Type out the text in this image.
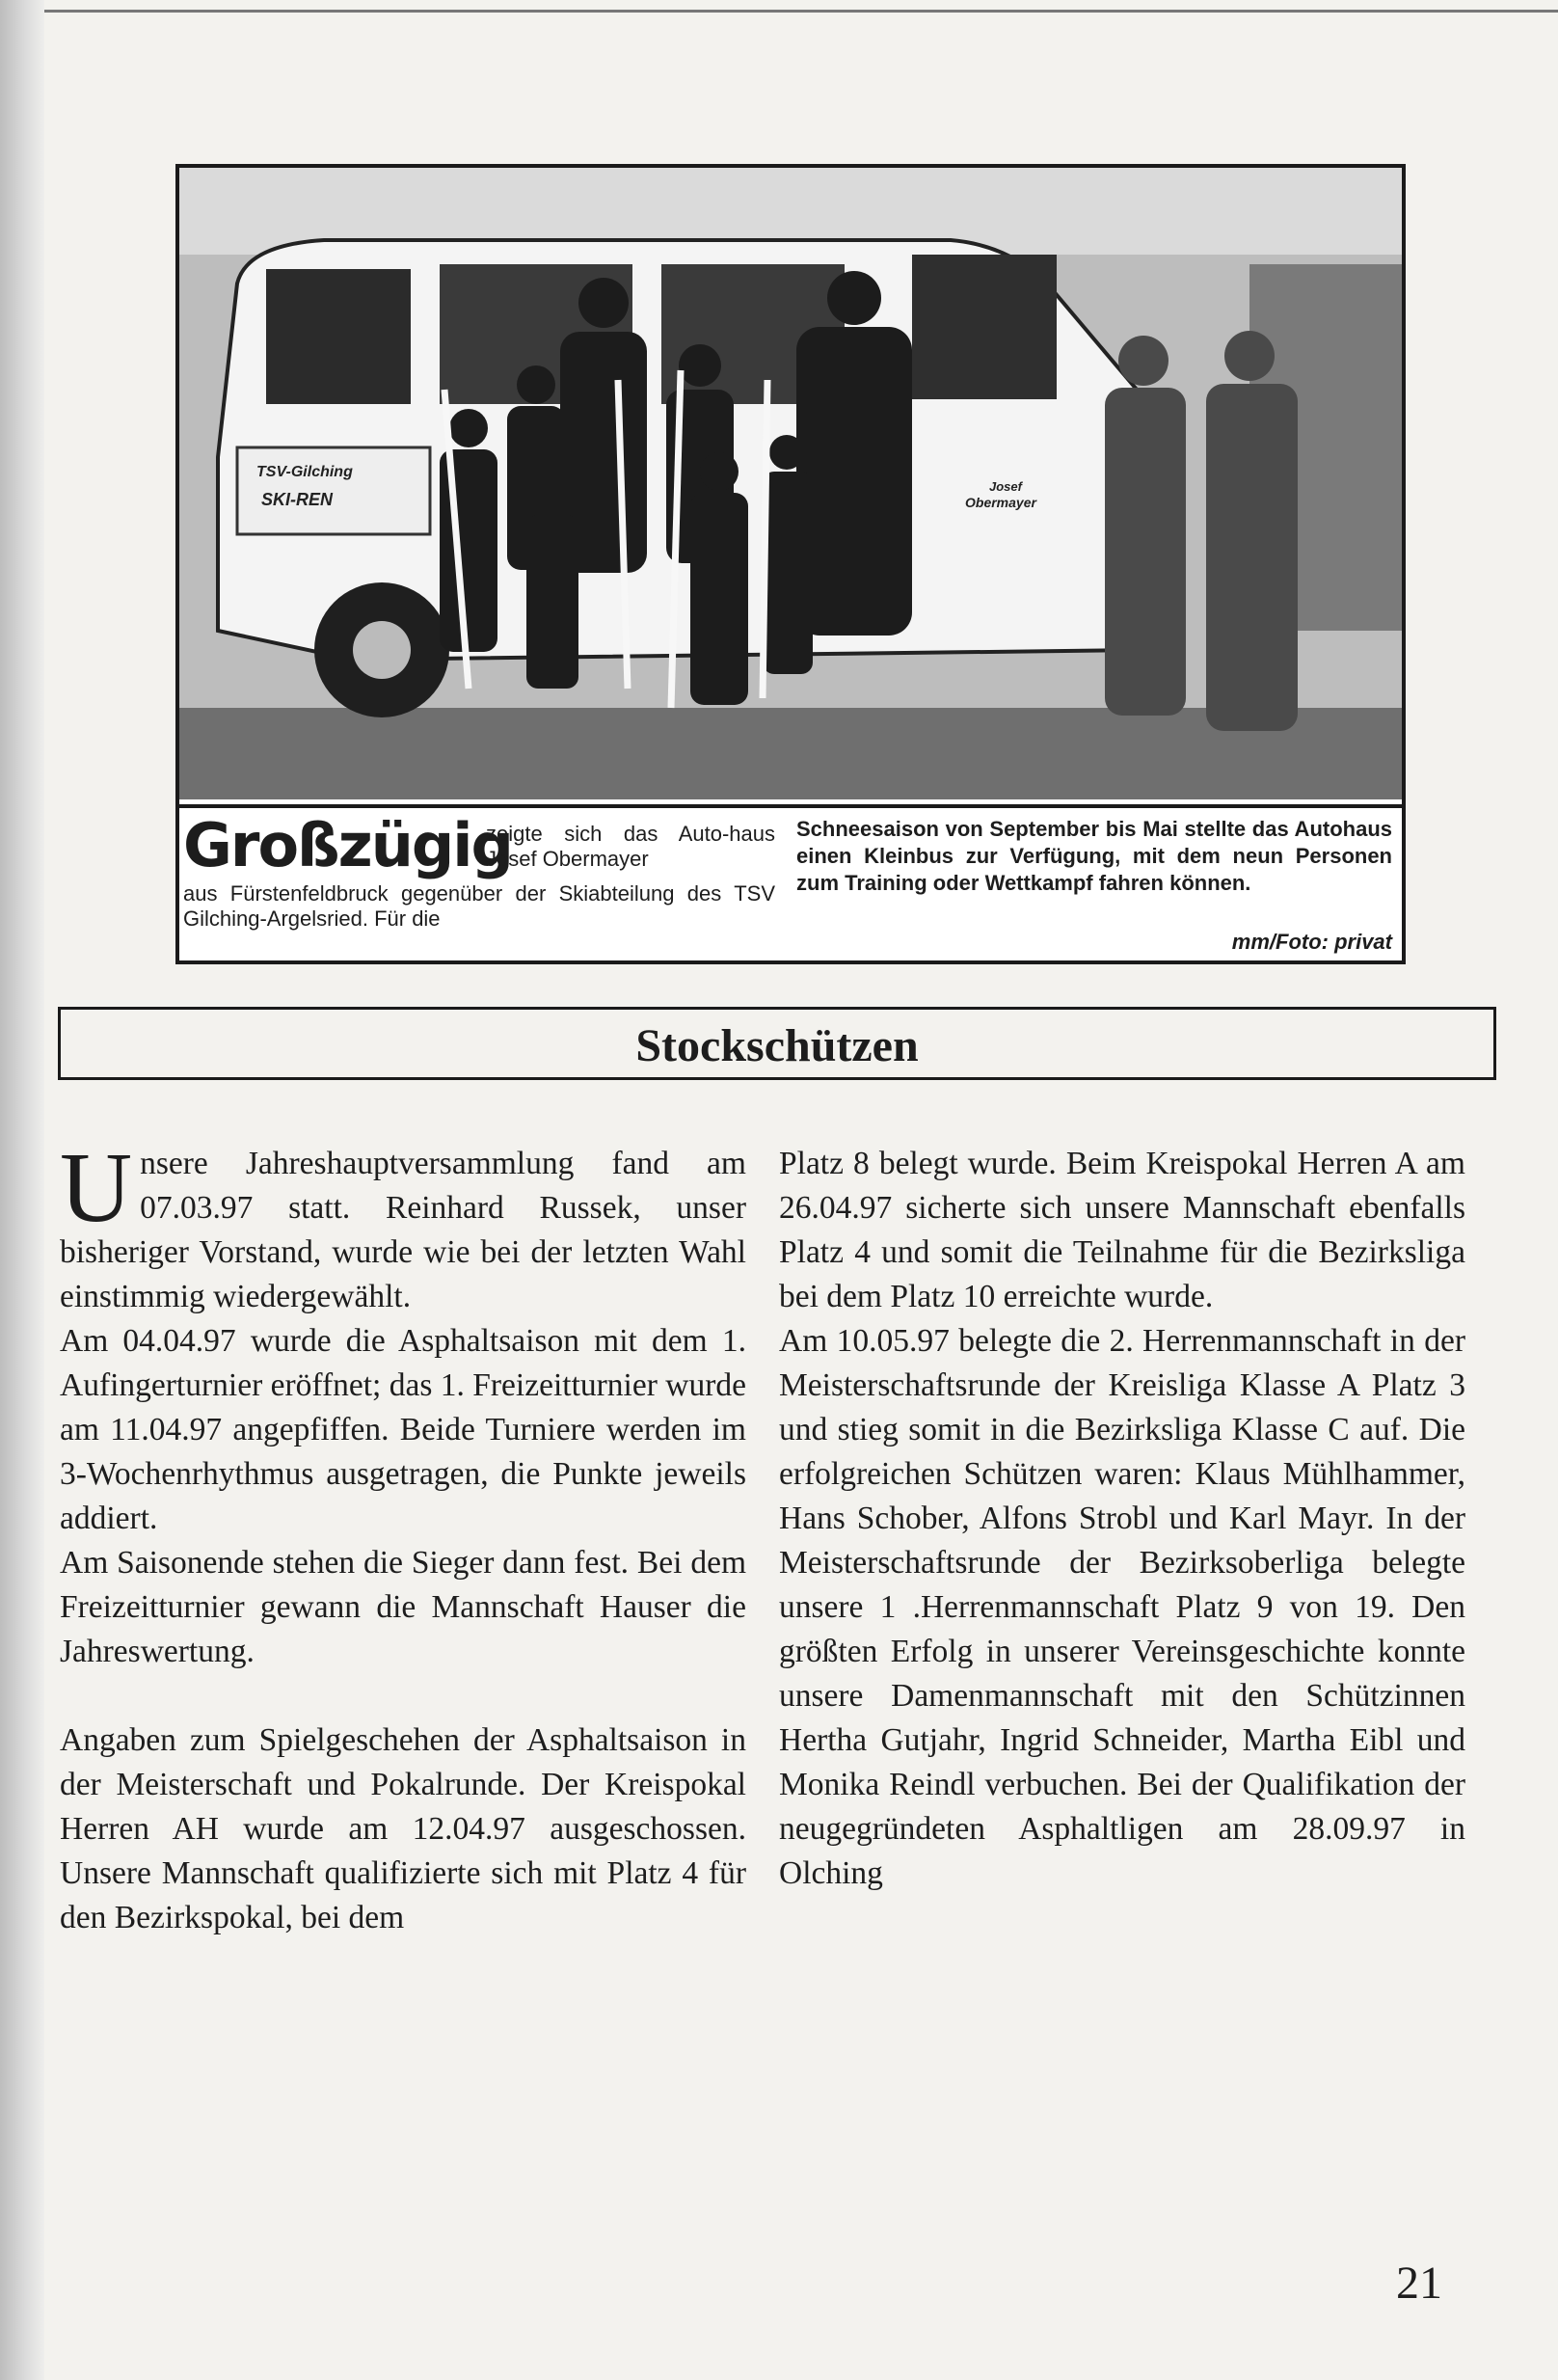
TSV-Gilching
SKI-REN
Josef
Obermayer
Großzügig
zeigte sich das Auto-haus Josef Obermayer
aus Fürstenfeldbruck gegenüber der Skiabteilung des TSV Gilching-Argelsried. Für die
Schneesaison von September bis Mai stellte das Autohaus einen Kleinbus zur Verfügung, mit dem neun Personen zum Training oder Wettkampf fahren können.
mm/Foto: privat
Stockschützen

Unsere Jahreshauptversammlung fand am 07.03.97 statt. Reinhard Russek, unser bisheriger Vorstand, wurde wie bei der letzten Wahl einstimmig wiedergewählt.

Am 04.04.97 wurde die Asphaltsaison mit dem 1. Aufingerturnier eröffnet; das 1. Freizeitturnier wurde am 11.04.97 angepfiffen. Beide Turniere werden im 3-Wochenrhythmus ausgetragen, die Punkte jeweils addiert.

Am Saisonende stehen die Sieger dann fest. Bei dem Freizeitturnier gewann die Mannschaft Hauser die Jahreswertung.

Angaben zum Spielgeschehen der Asphaltsaison in der Meisterschaft und Pokalrunde. Der Kreispokal Herren AH wurde am 12.04.97 ausgeschossen. Unsere Mannschaft qualifizierte sich mit Platz 4 für den Bezirkspokal, bei dem

Platz 8 belegt wurde. Beim Kreispokal Herren A am 26.04.97 sicherte sich unsere Mannschaft ebenfalls Platz 4 und somit die Teilnahme für die Bezirksliga bei dem Platz 10 erreichte wurde.

Am 10.05.97 belegte die 2. Herrenmannschaft in der Meisterschaftsrunde der Kreisliga Klasse A Platz 3 und stieg somit in die Bezirksliga Klasse C auf. Die erfolgreichen Schützen waren: Klaus Mühlhammer, Hans Schober, Alfons Strobl und Karl Mayr. In der Meisterschaftsrunde der Bezirksoberliga belegte unsere 1 .Herrenmannschaft Platz 9 von 19. Den größten Erfolg in unserer Vereinsgeschichte konnte unsere Damenmannschaft mit den Schützinnen Hertha Gutjahr, Ingrid Schneider, Martha Eibl und Monika Reindl verbuchen. Bei der Qualifikation der neugegründeten Asphaltligen am 28.09.97 in Olching

21
